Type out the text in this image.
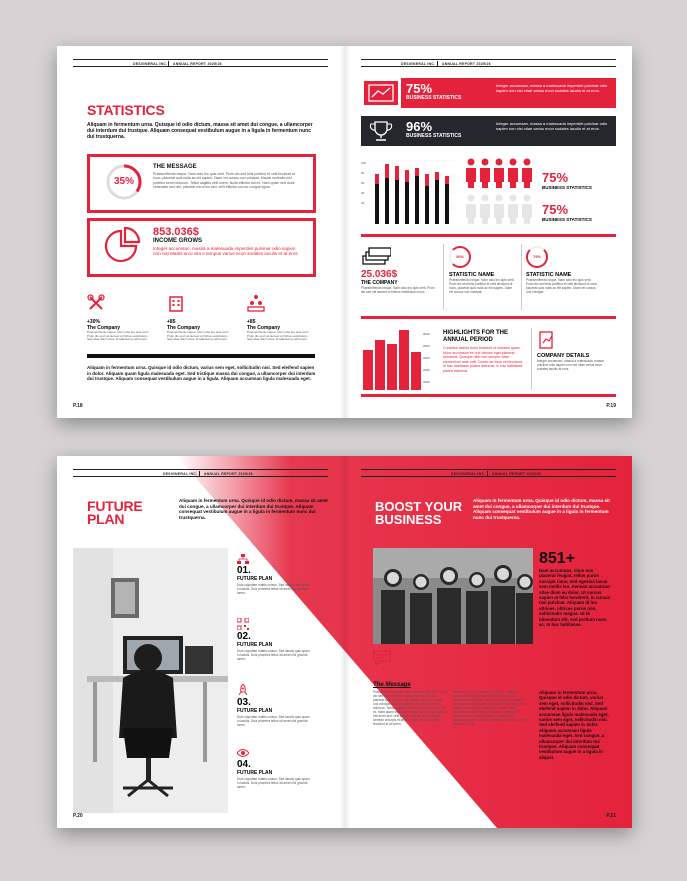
DESIGNERAL INC. ANNUAL REPORT 2025/26
STATISTICS
Aliquam in fermentum urna. Quisque id odio dictum, massa sit amet dui congue, a ullamcorper dui interdum dui trustque. Aliquam consequat vestibulum augue in a ligula in fermentum nunc dui trustquerna.
35%
THE MESSAGE
Praesentfends neque. Nam odio leo quis verit. Proin dio sed felis porttitor et velit tincidunt ut nunc, placerat quis nulla ac elit sapien. Diam vel cursus orci volutpat. Mauris molestie nisl porttitor lorem dolorum. Tellus sagittis velit lorem. Nulla efficitur dui ex. Nam quam sed dolor venenatis sed nisi, placerat nisi enim sed, velit efficitur orci ac congue ligula.
853.036$
INCOME GROWS
Integer accumsan, massa a malesuada imperdiet pulvinar odio sapien non nisi Mattis arcu vita e tempus varius econ sodales iaculis et at eros.
+30%
The Company
Praesentfends neque. Nam odio leo quis verit. Proin dio sed vel laoreet et finibus vestibulum. Sed vitae diam lorem id adipiscing velit lorem.
+85
The Company
Praesentfends neque. Nam odio leo quis verit. Proin dio sed vel laoreet et finibus vestibulum. Sed vitae diam lorem id adipiscing velit lorem.
+85
The Company
Praesentfends neque. Nam odio leo quis verit. Proin dio sed vel laoreet et finibus vestibulum. Sed vitae diam lorem id adipiscing velit lorem.
Aliquam in fermentum urna. Quisque id odio dictum, varius sem eget, sollicitudin nisi. Sed eleifend sapien in dolor. Aliquam quam ligula malesuada eget. Sed tristique massa dui congue, a ullamcorper dui interdum dui trustque. Aliquam consequat vestibulum augue in a ligula. Aliquam accumsan ligula malesuada eget.
P.18
DESIGNERAL INC. ANNUAL REPORT 2025/26
75%
BUSINESS STATISTICS
Integer accumsan, massa a malesuada imperdiet pulvinar odio sapien non nisi vitae varius econ sodales iaculis et at eros.
96%
BUSINESS STATISTICS
Integer accumsan, massa a malesuada imperdiet pulvinar odio sapien non nisi vitae varius econ sodales iaculis et at eros.
100
80
60
40
20
75%
BUSINESS STATISTICS
75%
BUSINESS STATISTICS
25.036$
THE COMPANY
Praesentfends neque. Nam odio leo quis verit. Proin dio sed vel laoreet et finibus vestibulum nunc.
30%
STATISTIC NAME
Praesentfends neque. Nam odio leo quis verit. Proin dio sed felis porttitor et velit tincidunt ut nunc, placerat quis nulla ac elit sapien. Diam vel cursus orci volutpat.
75%
STATISTIC NAME
Praesentfends neque. Nam odio leo quis verit. Proin dio sed felis porttitor et velit tincidunt ut nunc, placerat quis nulla ac elit sapien. Diam vel cursus orci volutpat.
2022
2023
2024
2025
2026
HIGHLIGHTS FOR THE ANNUAL PERIOD
Curabitur lacinia dolor tincidunt ut sodales quam. Nunc accumsan ex orci ultrices eget placerat hendrerit. Quisque nibh non semper vitae elementum ante velit. Donec ac risus vel tincidunt. In hac habitasse platea dictumst. In hac habitasse platea dictumst.
COMPANY DETAILS
Integer accumsan, massa a malesuada, massa pulvinar odio sapien non nisi vitae varius econ sodales iaculis at eros.
P.19
DESIGNERAL INC. ANNUAL REPORT 2025/26
FUTURE PLAN
Aliquam in fermentum urna. Quisque id odio dictum, massa sit amet dui congue, a ullamcorper dui interdum dui trustque. Aliquam consequat vestibulum augue in a ligula in fermentum nunc dui trustquerna.
01.
FUTURE PLAN
Duis vulputate mattis cursus. Sed iaculis quis quam in iaculis. Duis pharetra tellus sit amet nisi gravida lorem.
02.
FUTURE PLAN
Duis vulputate mattis cursus. Sed iaculis quis quam in iaculis. Duis pharetra tellus sit amet nisi gravida lorem.
03.
FUTURE PLAN
Duis vulputate mattis cursus. Sed iaculis quis quam in iaculis. Duis pharetra tellus sit amet nisi gravida lorem.
04.
FUTURE PLAN
Duis vulputate mattis cursus. Sed iaculis quis quam in iaculis. Duis pharetra tellus sit amet nisi gravida lorem.
P.20
DESIGNERAL INC. ANNUAL REPORT 2025/26
BOOST YOUR BUSINESS
Aliquam in fermentum urna. Quisque id odio dictum, massa sit amet dui congue, a ullamcorper dui interdum dui trustque. Aliquam consequat vestibulum augue in a ligula in fermentum nunc dui trustquerna.
851+
Nam accumsan, risus non placerat feugiat, tellus purus suscipit risus, sed egestas lacus sem mollis leo. Aenean accumsan vitae diam eu dolor. Ut cursus sapien at felis hendrerit, in cursus nisi pulvinar. Aliquam id leo ultrices, ultrices purus non, sollicitudin magna. Ut id bibendum elit, sed pretium nunc ac. In hac habitasse.
The Message
Praesentfends neque. Nam odio leo quis verit. Proin dio sed felis porttitor et velit tincidunt ut nunc, placerat quis nulla ac elit sapien. Diam vel cursus orci volutpat. Mauris molestie nisl porttitor lorem dolorum. Tellus sagittis velit lorem. Nulla efficitur dui ex. Nam quam sed dolor venenatis sed nisi, placerat nisi enim sed, velit efficitur orci ac congue ligula. Aenean at turpis et amet feugiat. Proin ultricies a tincidunt id at lorem.
Nam dolor et auti lobortis quis lorem. Integer a massa quis sit pulvinar ut porttitor nunc. Sed hendrerit ullamcorper nisi. Duis lectus est, porttitor eu dapibus eget, blandit non nunc. Proin dolor risus, mattis sed ut aliquet, imperdiet ut erat. Morbi ullamcorper nisl sed erat ornare, ac malesuada lorem aliquet. Ut velit sodales ut magna vel dignissim. Suspendisse ac vestibulum lectus. Lorem ipsum dolor sit.
Aliquam in fermentum urna. Quisque id odio dictum, varius sem eget, sollicitudin nisi. Sed eleifend sapien in dolor. Aliquam accumsan ligula malesuada eget, varius sem eget, sollicitudin nisi. Sed eleifend sapien in dolor. Aliquam accumsan ligula malesuada eget. Sed congue, a ullamcorper dui interdum dui trustque. Aliquam consequat vestibulum augue in a ligula in aliquet.
P.21
